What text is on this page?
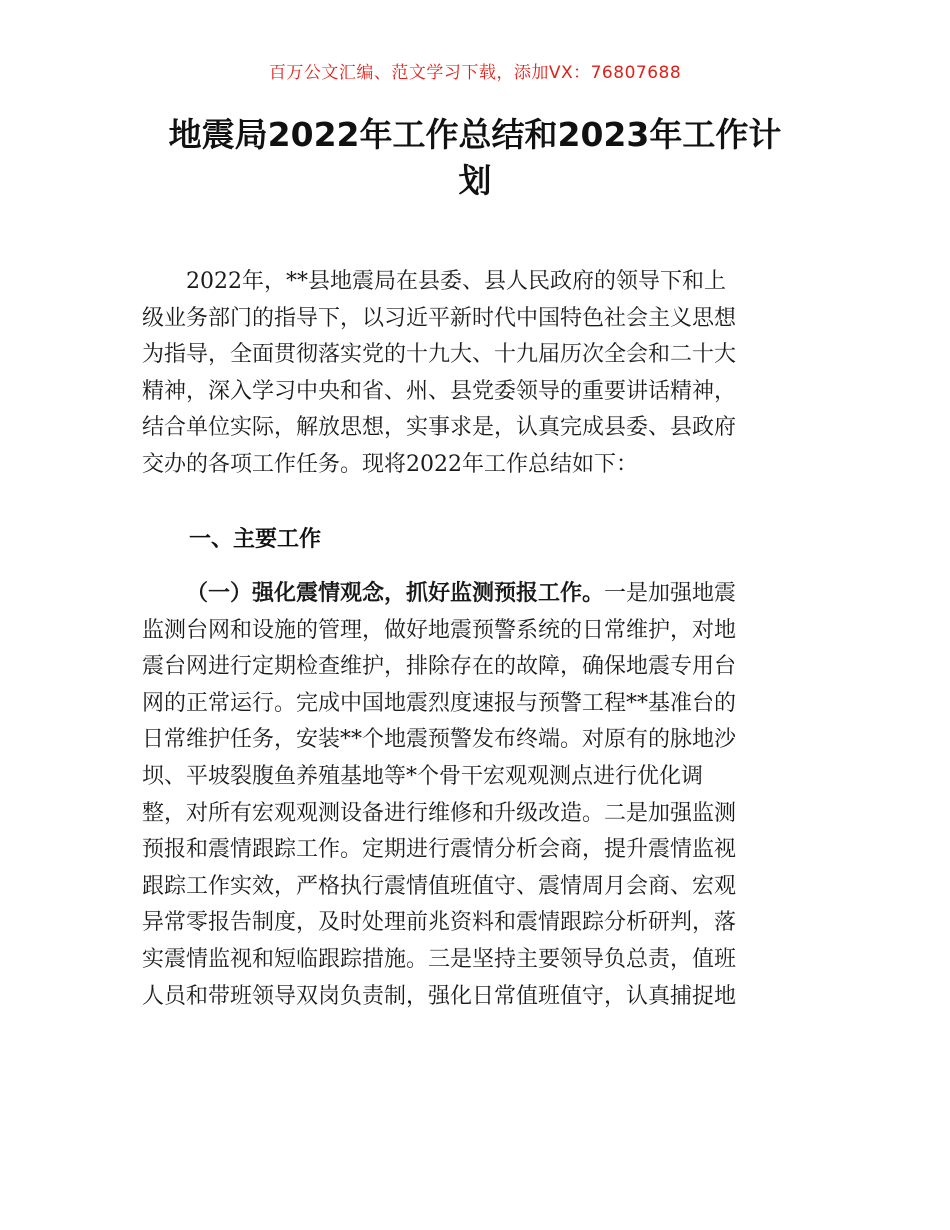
百万公文汇编、范文学习下载，添加VX：76807688
地震局2022年工作总结和2023年工作计
划
2022年，**县地震局在县委、县人民政府的领导下和上
级业务部门的指导下，以习近平新时代中国特色社会主义思想
为指导，全面贯彻落实党的十九大、十九届历次全会和二十大
精神，深入学习中央和省、州、县党委领导的重要讲话精神，
结合单位实际，解放思想，实事求是，认真完成县委、县政府
交办的各项工作任务。现将2022年工作总结如下：
一、主要工作
（一）强化震情观念，抓好监测预报工作。一是加强地震
监测台网和设施的管理，做好地震预警系统的日常维护，对地
震台网进行定期检查维护，排除存在的故障，确保地震专用台
网的正常运行。完成中国地震烈度速报与预警工程**基准台的
日常维护任务，安装**个地震预警发布终端。对原有的脉地沙
坝、平坡裂腹鱼养殖基地等*个骨干宏观观测点进行优化调
整，对所有宏观观测设备进行维修和升级改造。二是加强监测
预报和震情跟踪工作。定期进行震情分析会商，提升震情监视
跟踪工作实效，严格执行震情值班值守、震情周月会商、宏观
异常零报告制度，及时处理前兆资料和震情跟踪分析研判，落
实震情监视和短临跟踪措施。三是坚持主要领导负总责，值班
人员和带班领导双岗负责制，强化日常值班值守，认真捕捉地
